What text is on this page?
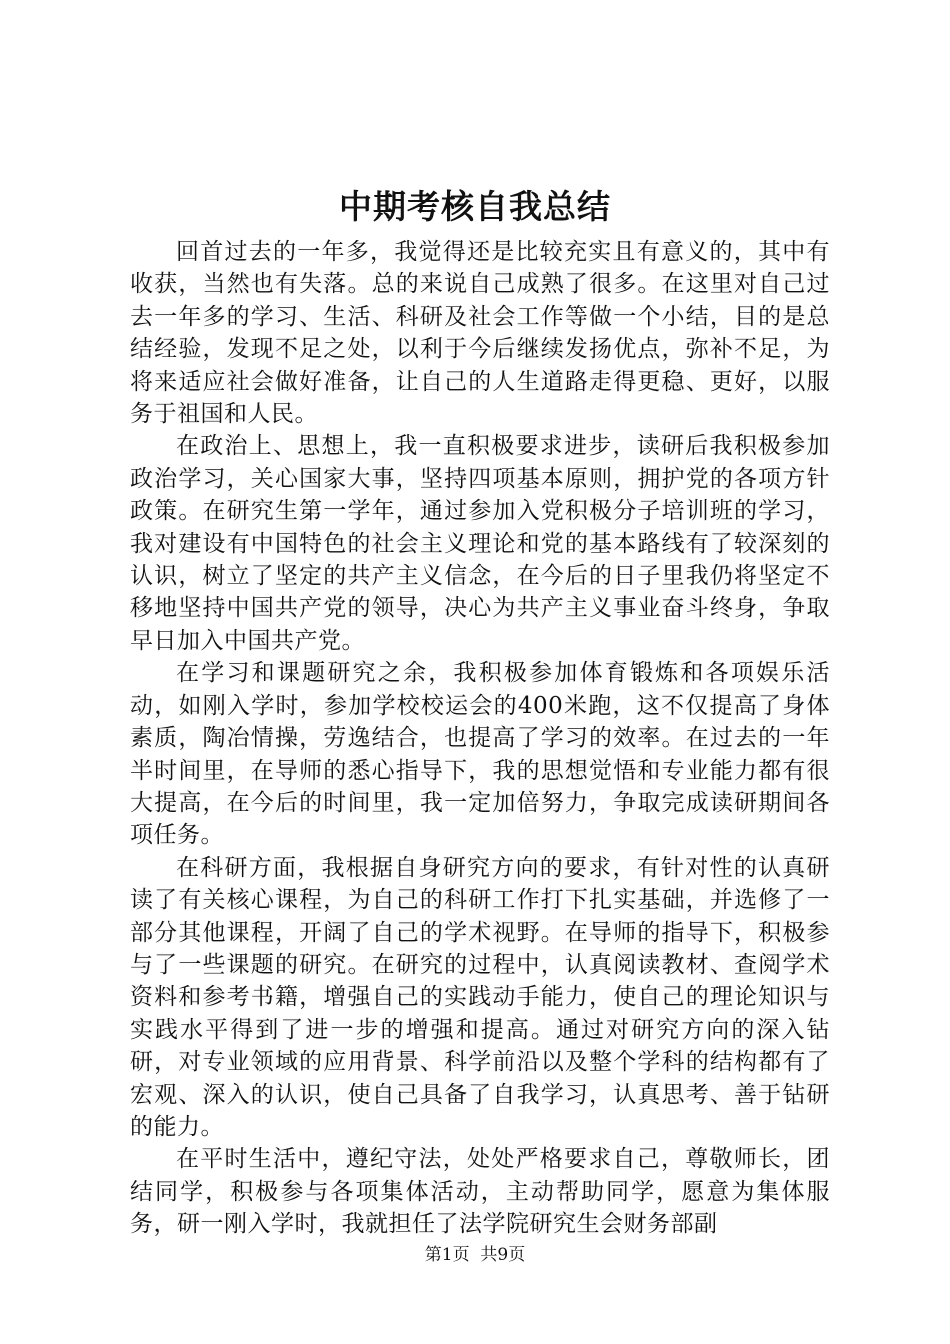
中期考核自我总结

回首过去的一年多，我觉得还是比较充实且有意义的，其中有收获，当然也有失落。总的来说自己成熟了很多。在这里对自己过去一年多的学习、生活、科研及社会工作等做一个小结，目的是总结经验，发现不足之处，以利于今后继续发扬优点，弥补不足，为将来适应社会做好准备，让自己的人生道路走得更稳、更好，以服务于祖国和人民。

在政治上、思想上，我一直积极要求进步，读研后我积极参加政治学习，关心国家大事，坚持四项基本原则，拥护党的各项方针政策。在研究生第一学年，通过参加入党积极分子培训班的学习，我对建设有中国特色的社会主义理论和党的基本路线有了较深刻的认识，树立了坚定的共产主义信念，在今后的日子里我仍将坚定不移地坚持中国共产党的领导，决心为共产主义事业奋斗终身，争取早日加入中国共产党。

在学习和课题研究之余，我积极参加体育锻炼和各项娱乐活动，如刚入学时，参加学校校运会的400米跑，这不仅提高了身体素质，陶冶情操，劳逸结合，也提高了学习的效率。在过去的一年半时间里，在导师的悉心指导下，我的思想觉悟和专业能力都有很大提高，在今后的时间里，我一定加倍努力，争取完成读研期间各项任务。

在科研方面，我根据自身研究方向的要求，有针对性的认真研读了有关核心课程，为自己的科研工作打下扎实基础，并选修了一部分其他课程，开阔了自己的学术视野。在导师的指导下，积极参与了一些课题的研究。在研究的过程中，认真阅读教材、查阅学术资料和参考书籍，增强自己的实践动手能力，使自己的理论知识与实践水平得到了进一步的增强和提高。通过对研究方向的深入钻研，对专业领域的应用背景、科学前沿以及整个学科的结构都有了宏观、深入的认识，使自己具备了自我学习，认真思考、善于钻研的能力。

在平时生活中，遵纪守法，处处严格要求自己，尊敬师长，团结同学，积极参与各项集体活动，主动帮助同学，愿意为集体服务，研一刚入学时，我就担任了法学院研究生会财务部副

第1页 共9页
